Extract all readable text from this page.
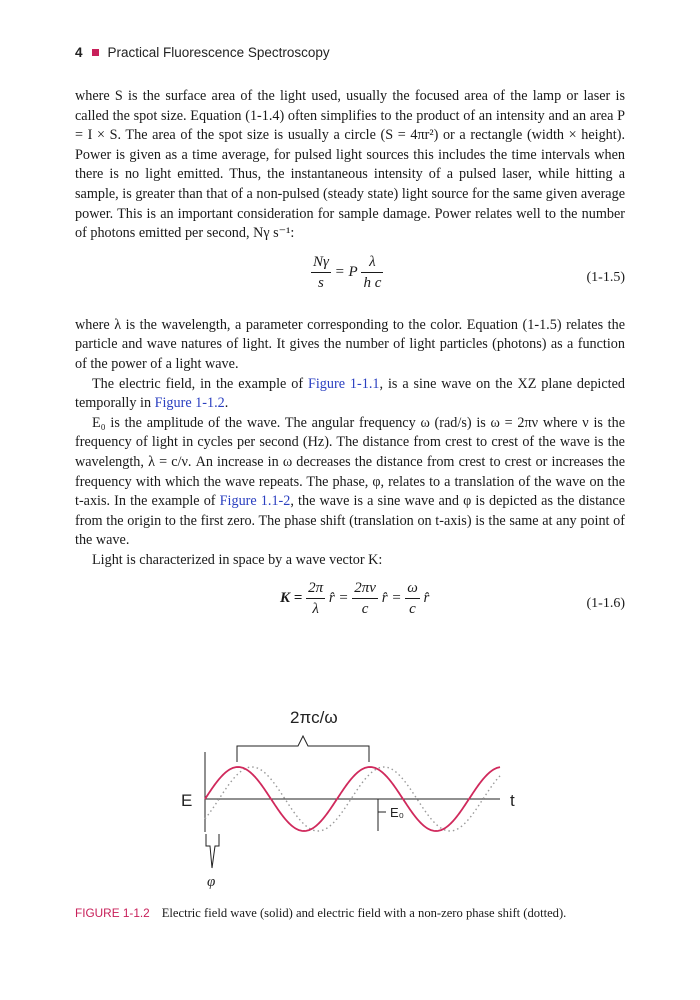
4 Practical Fluorescence Spectroscopy

where S is the surface area of the light used, usually the focused area of the lamp or laser is called the spot size. Equation (1-1.4) often simplifies to the product of an intensity and an area P = I × S. The area of the spot size is usually a circle (S = 4πr²) or a rectangle (width × height). Power is given as a time average, for pulsed light sources this includes the time intervals when there is no light emitted. Thus, the instantaneous intensity of a pulsed laser, while hitting a sample, is greater than that of a non-pulsed (steady state) light source for the same given average power. This is an important consideration for sample damage. Power relates well to the number of photons emitted per second, Nγ s⁻¹:

$\frac{N\gamma}{s} = P \frac{\lambda}{\text{h c}}$	(1-1.5)

where λ is the wavelength, a parameter corresponding to the color. Equation (1-1.5) relates the particle and wave natures of light. It gives the number of light particles (photons) as a function of the power of a light wave.

The electric field, in the example of Figure 1-1.1, is a sine wave on the XZ plane depicted temporally in Figure 1-1.2.

E₀ is the amplitude of the wave. The angular frequency ω (rad/s) is ω = 2πν where ν is the frequency of light in cycles per second (Hz). The distance from crest to crest of the wave is the wavelength, λ = c/ν. An increase in ω decreases the distance from crest to crest or increases the frequency with which the wave repeats. The phase, φ, relates to a translation of the wave on the t-axis. In the example of Figure 1.1-2, the wave is a sine wave and φ is depicted as the distance from the origin to the first zero. The phase shift (translation on t-axis) is the same at any point of the wave.

Light is characterized in space by a wave vector K:

$K = \frac{2\pi}{\lambda}$ r̂ = $\frac{2\pi\nu}{c}$ r̂ = $\frac{\omega}{c}$ r̂	(1-1.6)
2πc/ω
E	t
E₀
φ
FIGURE 1-1.2 Electric field wave (solid) and electric field with a non-zero phase shift (dotted).
